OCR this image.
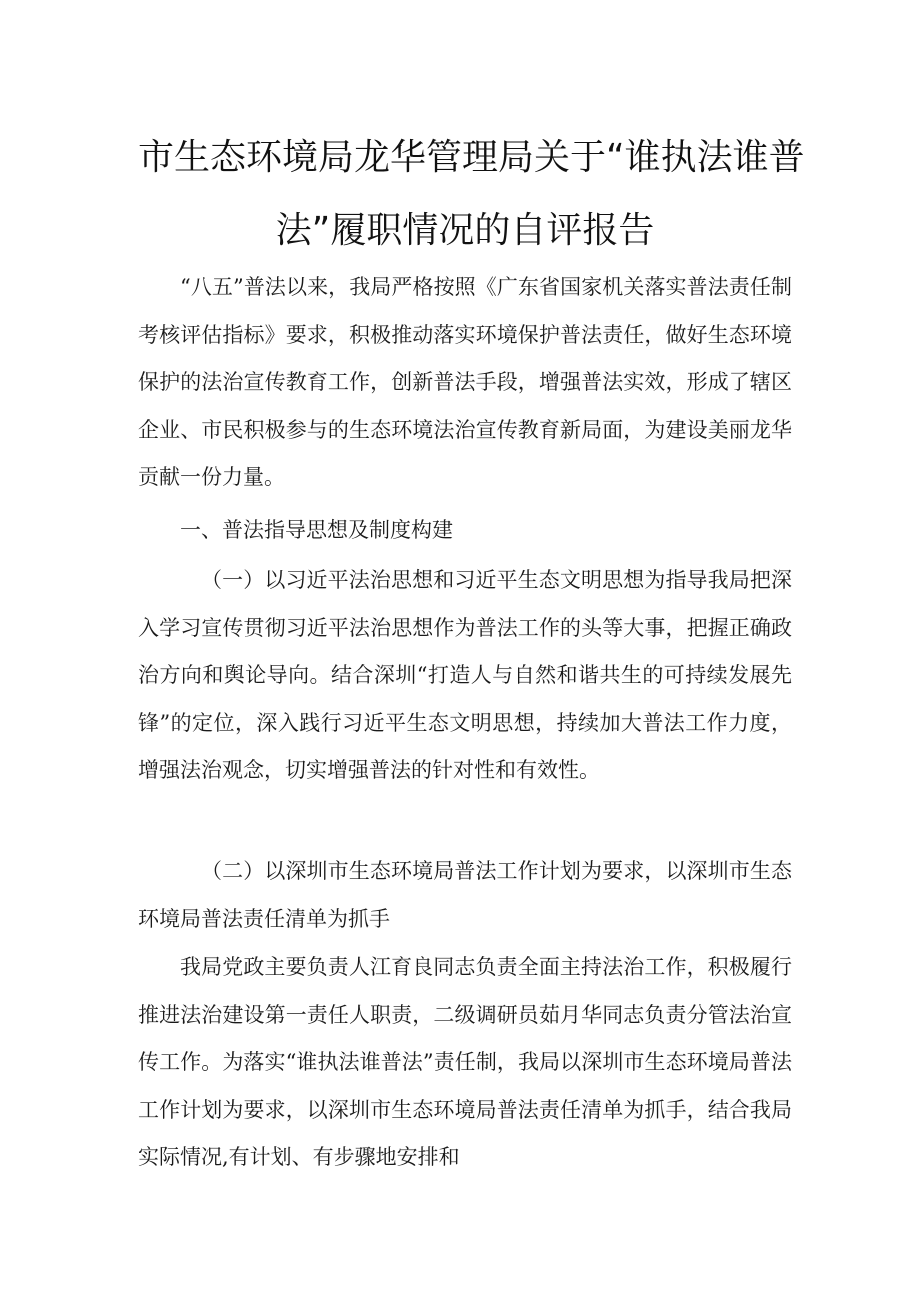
市生态环境局龙华管理局关于“谁执法谁普
法”履职情况的自评报告

“八五”普法以来，我局严格按照《广东省国家机关落实普法责任制考核评估指标》要求，积极推动落实环境保护普法责任，做好生态环境保护的法治宣传教育工作，创新普法手段，增强普法实效，形成了辖区企业、市民积极参与的生态环境法治宣传教育新局面，为建设美丽龙华贡献一份力量。

一、普法指导思想及制度构建

（一）以习近平法治思想和习近平生态文明思想为指导我局把深入学习宣传贯彻习近平法治思想作为普法工作的头等大事，把握正确政治方向和舆论导向。结合深圳“打造人与自然和谐共生的可持续发展先锋”的定位，深入践行习近平生态文明思想，持续加大普法工作力度，增强法治观念，切实增强普法的针对性和有效性。

（二）以深圳市生态环境局普法工作计划为要求，以深圳市生态环境局普法责任清单为抓手

我局党政主要负责人江育良同志负责全面主持法治工作，积极履行推进法治建设第一责任人职责，二级调研员茹月华同志负责分管法治宣传工作。为落实“谁执法谁普法”责任制，我局以深圳市生态环境局普法工作计划为要求，以深圳市生态环境局普法责任清单为抓手，结合我局实际情况,有计划、有步骤地安排和
